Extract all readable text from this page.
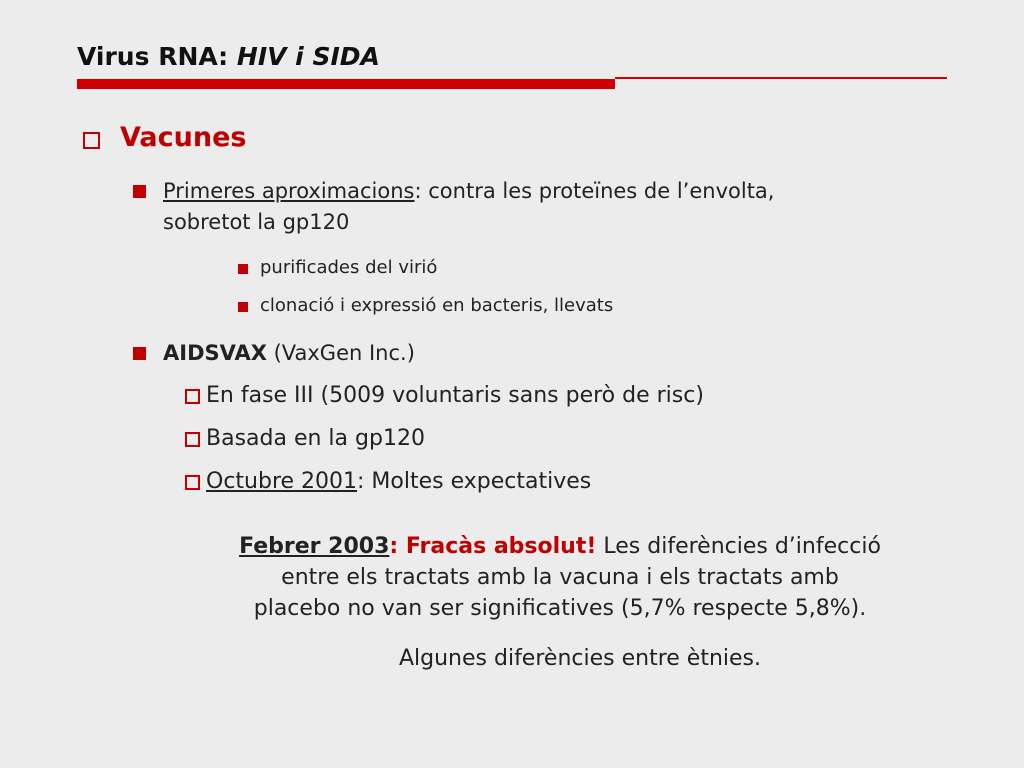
Virus RNA: HIV i SIDA
Vacunes
Primeres aproximacions: contra les proteïnes de l’envolta,
sobretot la gp120
purificades del virió
clonació i expressió en bacteris, llevats
AIDSVAX (VaxGen Inc.)
En fase III (5009 voluntaris sans però de risc)
Basada en la gp120
Octubre 2001: Moltes expectatives
Febrer 2003: Fracàs absolut! Les diferències d’infecció
entre els tractats amb la vacuna i els tractats amb
placebo no van ser significatives (5,7% respecte 5,8%).
Algunes diferències entre ètnies.
